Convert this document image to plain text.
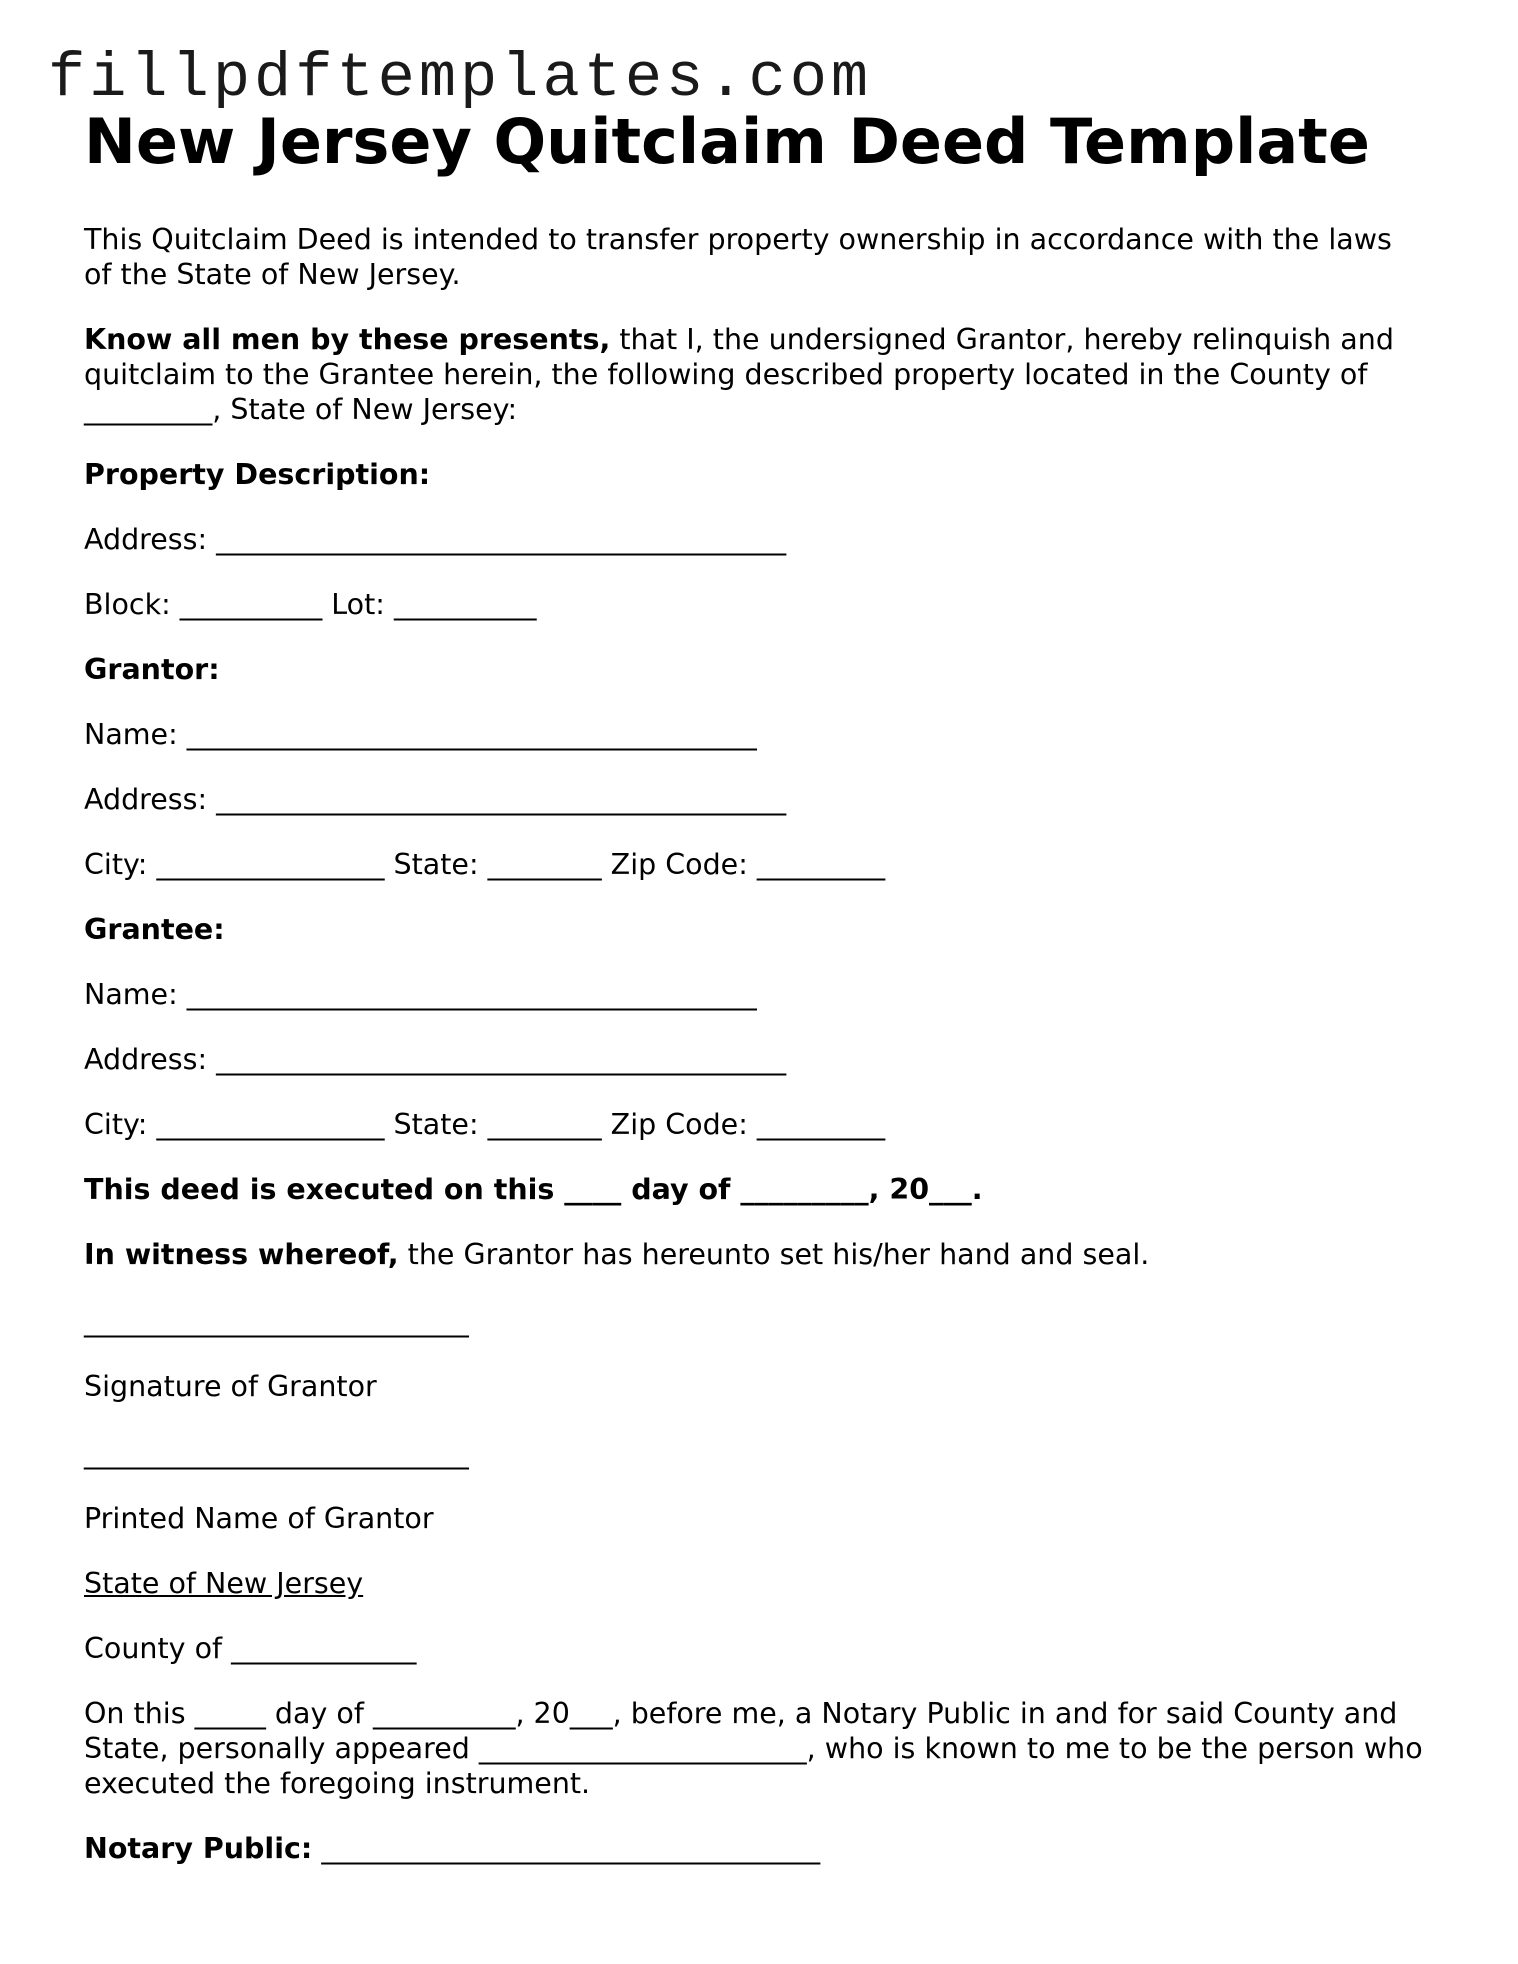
fillpdftemplates.com
New Jersey Quitclaim Deed Template

This Quitclaim Deed is intended to transfer property ownership in accordance with the laws of the State of New Jersey.

Know all men by these presents, that I, the undersigned Grantor, hereby relinquish and quitclaim to the Grantee herein, the following described property located in the County of _________, State of New Jersey:

Property Description:

Address: ________________________________________

Block: __________ Lot: __________

Grantor:

Name: ________________________________________

Address: ________________________________________

City: ________________ State: ________ Zip Code: _________

Grantee:

Name: ________________________________________

Address: ________________________________________

City: ________________ State: ________ Zip Code: _________

This deed is executed on this ____ day of _________, 20___.

In witness whereof, the Grantor has hereunto set his/her hand and seal.

___________________________

Signature of Grantor

___________________________

Printed Name of Grantor

State of New Jersey

County of _____________

On this _____ day of __________, 20___, before me, a Notary Public in and for said County and State, personally appeared _______________________, who is known to me to be the person who executed the foregoing instrument.

Notary Public: ___________________________________
